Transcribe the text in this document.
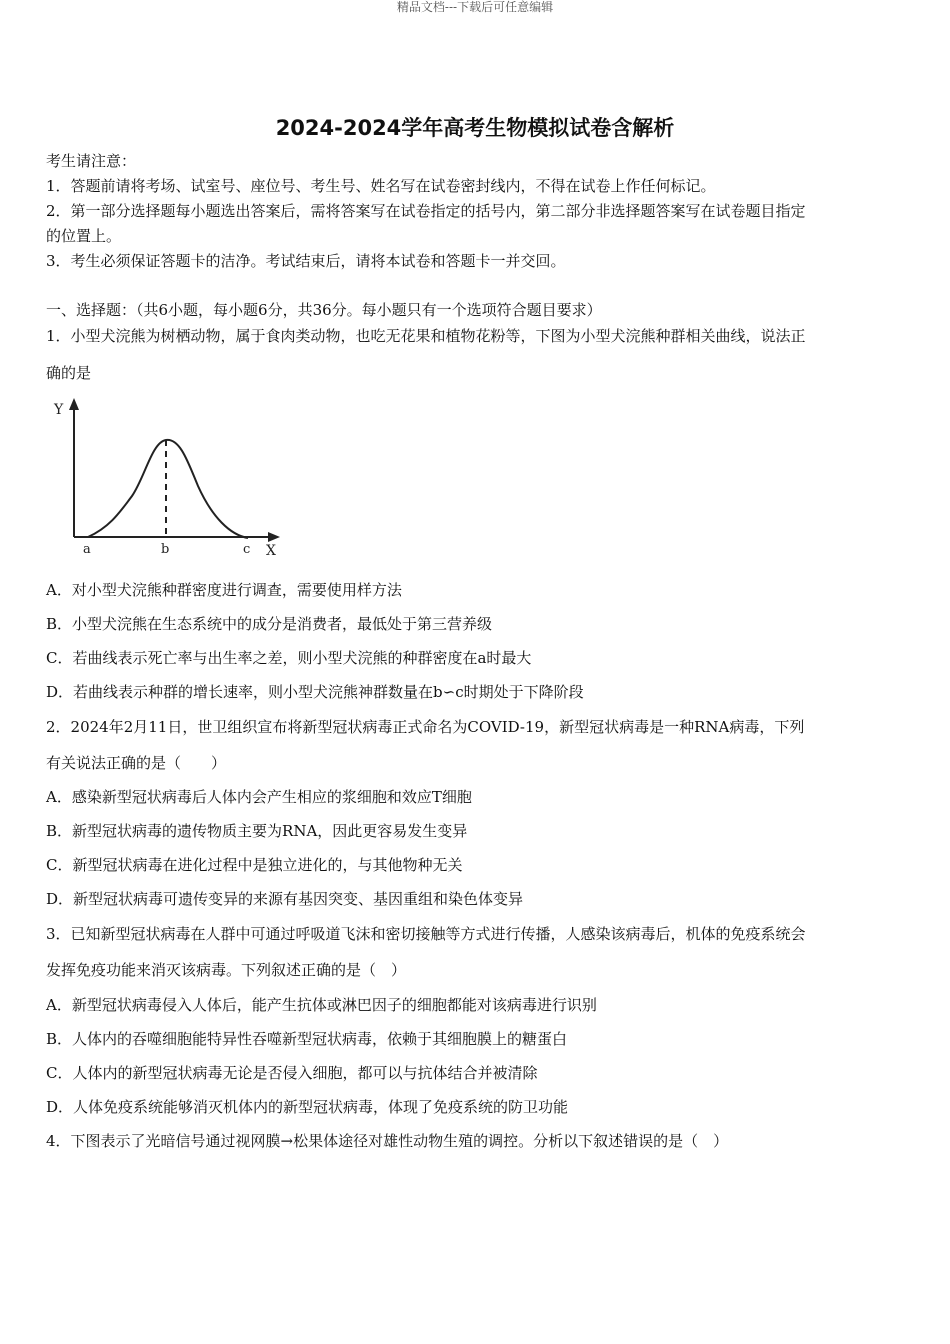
精品文档---下载后可任意编辑
2024-2024学年高考生物模拟试卷含解析
考生请注意：
1．答题前请将考场、试室号、座位号、考生号、姓名写在试卷密封线内，不得在试卷上作任何标记。
2．第一部分选择题每小题选出答案后，需将答案写在试卷指定的括号内，第二部分非选择题答案写在试卷题目指定
的位置上。
3．考生必须保证答题卡的洁净。考试结束后，请将本试卷和答题卡一并交回。
一、选择题：（共6小题，每小题6分，共36分。每小题只有一个选项符合题目要求）
1．小型犬浣熊为树栖动物，属于食肉类动物，也吃无花果和植物花粉等，下图为小型犬浣熊种群相关曲线，说法正
确的是
Y
X
a	b	c
A．对小型犬浣熊种群密度进行调查，需要使用样方法
B．小型犬浣熊在生态系统中的成分是消费者，最低处于第三营养级
C．若曲线表示死亡率与出生率之差，则小型犬浣熊的种群密度在a时最大
D．若曲线表示种群的增长速率，则小型犬浣熊神群数量在b∽c时期处于下降阶段
2．2024年2月11日，世卫组织宣布将新型冠状病毒正式命名为COVID-19，新型冠状病毒是一种RNA病毒，下列
有关说法正确的是（　　）
A．感染新型冠状病毒后人体内会产生相应的浆细胞和效应T细胞
B．新型冠状病毒的遗传物质主要为RNA，因此更容易发生变异
C．新型冠状病毒在进化过程中是独立进化的，与其他物种无关
D．新型冠状病毒可遗传变异的来源有基因突变、基因重组和染色体变异
3．已知新型冠状病毒在人群中可通过呼吸道飞沫和密切接触等方式进行传播，人感染该病毒后，机体的免疫系统会
发挥免疫功能来消灭该病毒。下列叙述正确的是（　）
A．新型冠状病毒侵入人体后，能产生抗体或淋巴因子的细胞都能对该病毒进行识别
B．人体内的吞噬细胞能特异性吞噬新型冠状病毒，依赖于其细胞膜上的糖蛋白
C．人体内的新型冠状病毒无论是否侵入细胞，都可以与抗体结合并被清除
D．人体免疫系统能够消灭机体内的新型冠状病毒，体现了免疫系统的防卫功能
4．下图表示了光暗信号通过视网膜→松果体途径对雄性动物生殖的调控。分析以下叙述错误的是（　）
